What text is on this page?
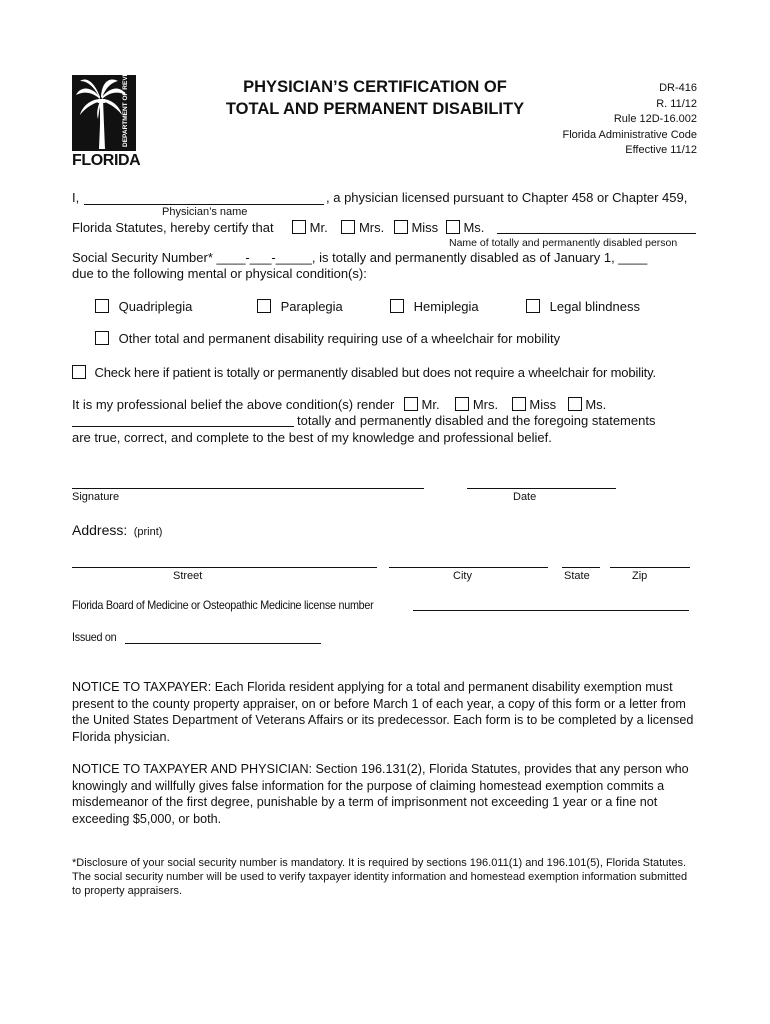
DEPARTMENT OF REVENUE
FLORIDA
PHYSICIAN’S CERTIFICATION OF
TOTAL AND PERMANENT DISABILITY
DR-416
R. 11/12
Rule 12D-16.002
Florida Administrative Code
Effective 11/12
I,	, a physician licensed pursuant to Chapter 458 or Chapter 459,
Physician’s name
Florida Statutes, hereby certify that	Mr. Mrs. Miss Ms.
Name of totally and permanently disabled person
Social Security Number* ____-___-_____, is totally and permanently disabled as of January 1, ____
due to the following mental or physical condition(s):
Quadriplegia	Paraplegia	Hemiplegia	Legal blindness
Other total and permanent disability requiring use of a wheelchair for mobility
Check here if patient is totally or permanently disabled but does not require a wheelchair for mobility.
It is my professional belief the above condition(s) render Mr.	Mrs. Miss Ms.
totally and permanently disabled and the foregoing statements
are true, correct, and complete to the best of my knowledge and professional belief.
Signature	Date
Address: (print)
Street	City	State	Zip
Florida Board of Medicine or Osteopathic Medicine license number
Issued on
NOTICE TO TAXPAYER: Each Florida resident applying for a total and permanent disability exemption must present to the county property appraiser, on or before March 1 of each year, a copy of this form or a letter from the United States Department of Veterans Affairs or its predecessor. Each form is to be completed by a licensed Florida physician.
NOTICE TO TAXPAYER AND PHYSICIAN: Section 196.131(2), Florida Statutes, provides that any person who knowingly and willfully gives false information for the purpose of claiming homestead exemption commits a misdemeanor of the first degree, punishable by a term of imprisonment not exceeding 1 year or a fine not exceeding $5,000, or both.
*Disclosure of your social security number is mandatory. It is required by sections 196.011(1) and 196.101(5), Florida Statutes. The social security number will be used to verify taxpayer identity information and homestead exemption information submitted to property appraisers.
